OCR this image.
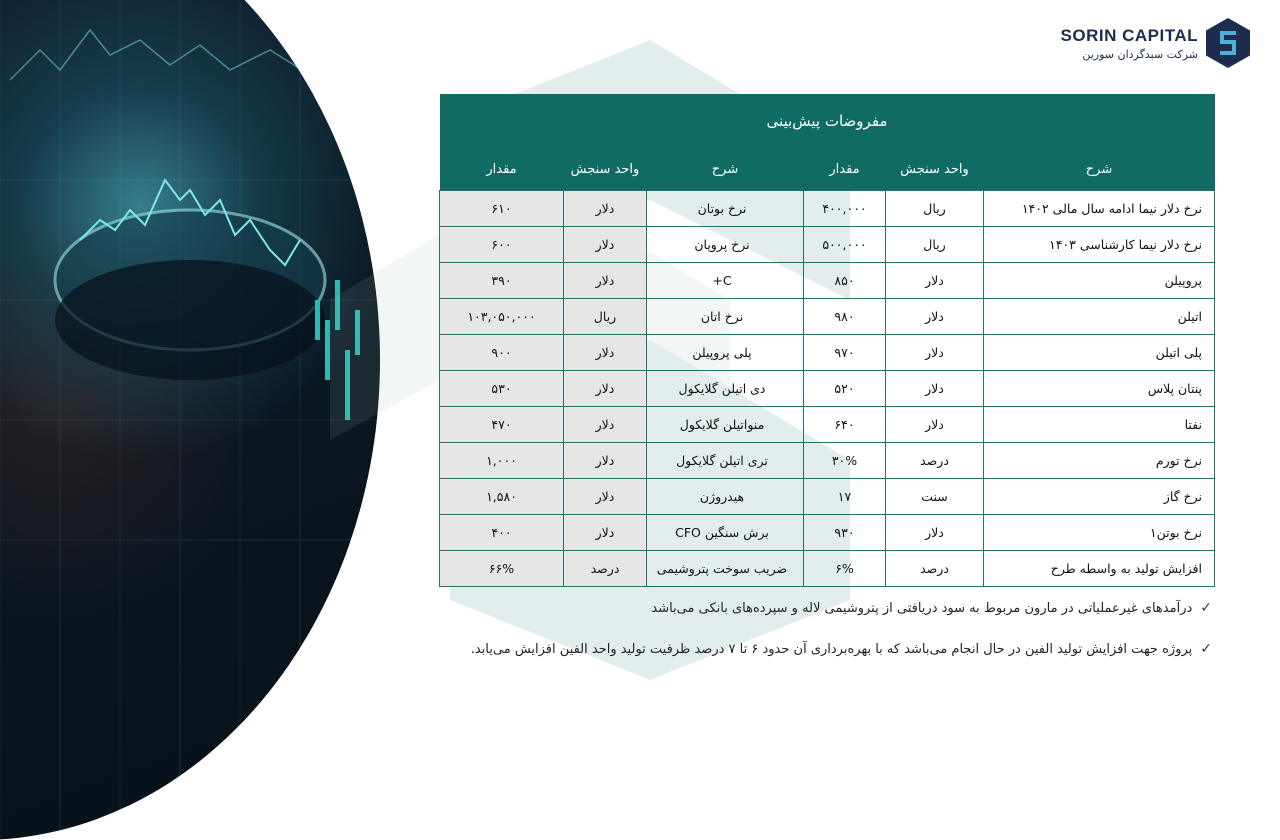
SORIN CAPITAL
شرکت سبدگردان سورین
مفروضات پیش‌بینی					
شرح	واحد سنجش	مقدار	شرح	واحد سنجش	مقدار
نرخ دلار نیما ادامه سال مالی ۱۴۰۲	ریال	۴۰۰,۰۰۰	نرخ بوتان	دلار	۶۱۰
نرخ دلار نیما کارشناسی ۱۴۰۳	ریال	۵۰۰,۰۰۰	نرخ پروپان	دلار	۶۰۰
پروپیلن	دلار	۸۵۰	C+	دلار	۳۹۰
اتیلن	دلار	۹۸۰	نرخ اتان	ریال	۱۰۳,۰۵۰,۰۰۰
پلی اتیلن	دلار	۹۷۰	پلی پروپیلن	دلار	۹۰۰
پنتان پلاس	دلار	۵۲۰	دی اتیلن گلایکول	دلار	۵۳۰
نفتا	دلار	۶۴۰	منواتیلن گلایکول	دلار	۴۷۰
نرخ تورم	درصد	۳۰%	تری اتیلن گلایکول	دلار	۱,۰۰۰
نرخ گاز	سنت	۱۷	هیدروژن	دلار	۱,۵۸۰
نرخ بوتن۱	دلار	۹۳۰	برش سنگین CFO	دلار	۴۰۰
افزایش تولید به واسطه طرح	درصد	۶%	ضریب سوخت پتروشیمی	درصد	۶۶%
✓
درآمدهای غیرعملیاتی در مارون مربوط به سود دریافتی از پتروشیمی لاله و سپرده‌های بانکی می‌باشد
✓
پروژه جهت افزایش تولید الفین در حال انجام می‌باشد که با بهره‌برداری آن حدود ۶ تا ۷ درصد ظرفیت تولید واحد الفین افزایش می‌یابد.
